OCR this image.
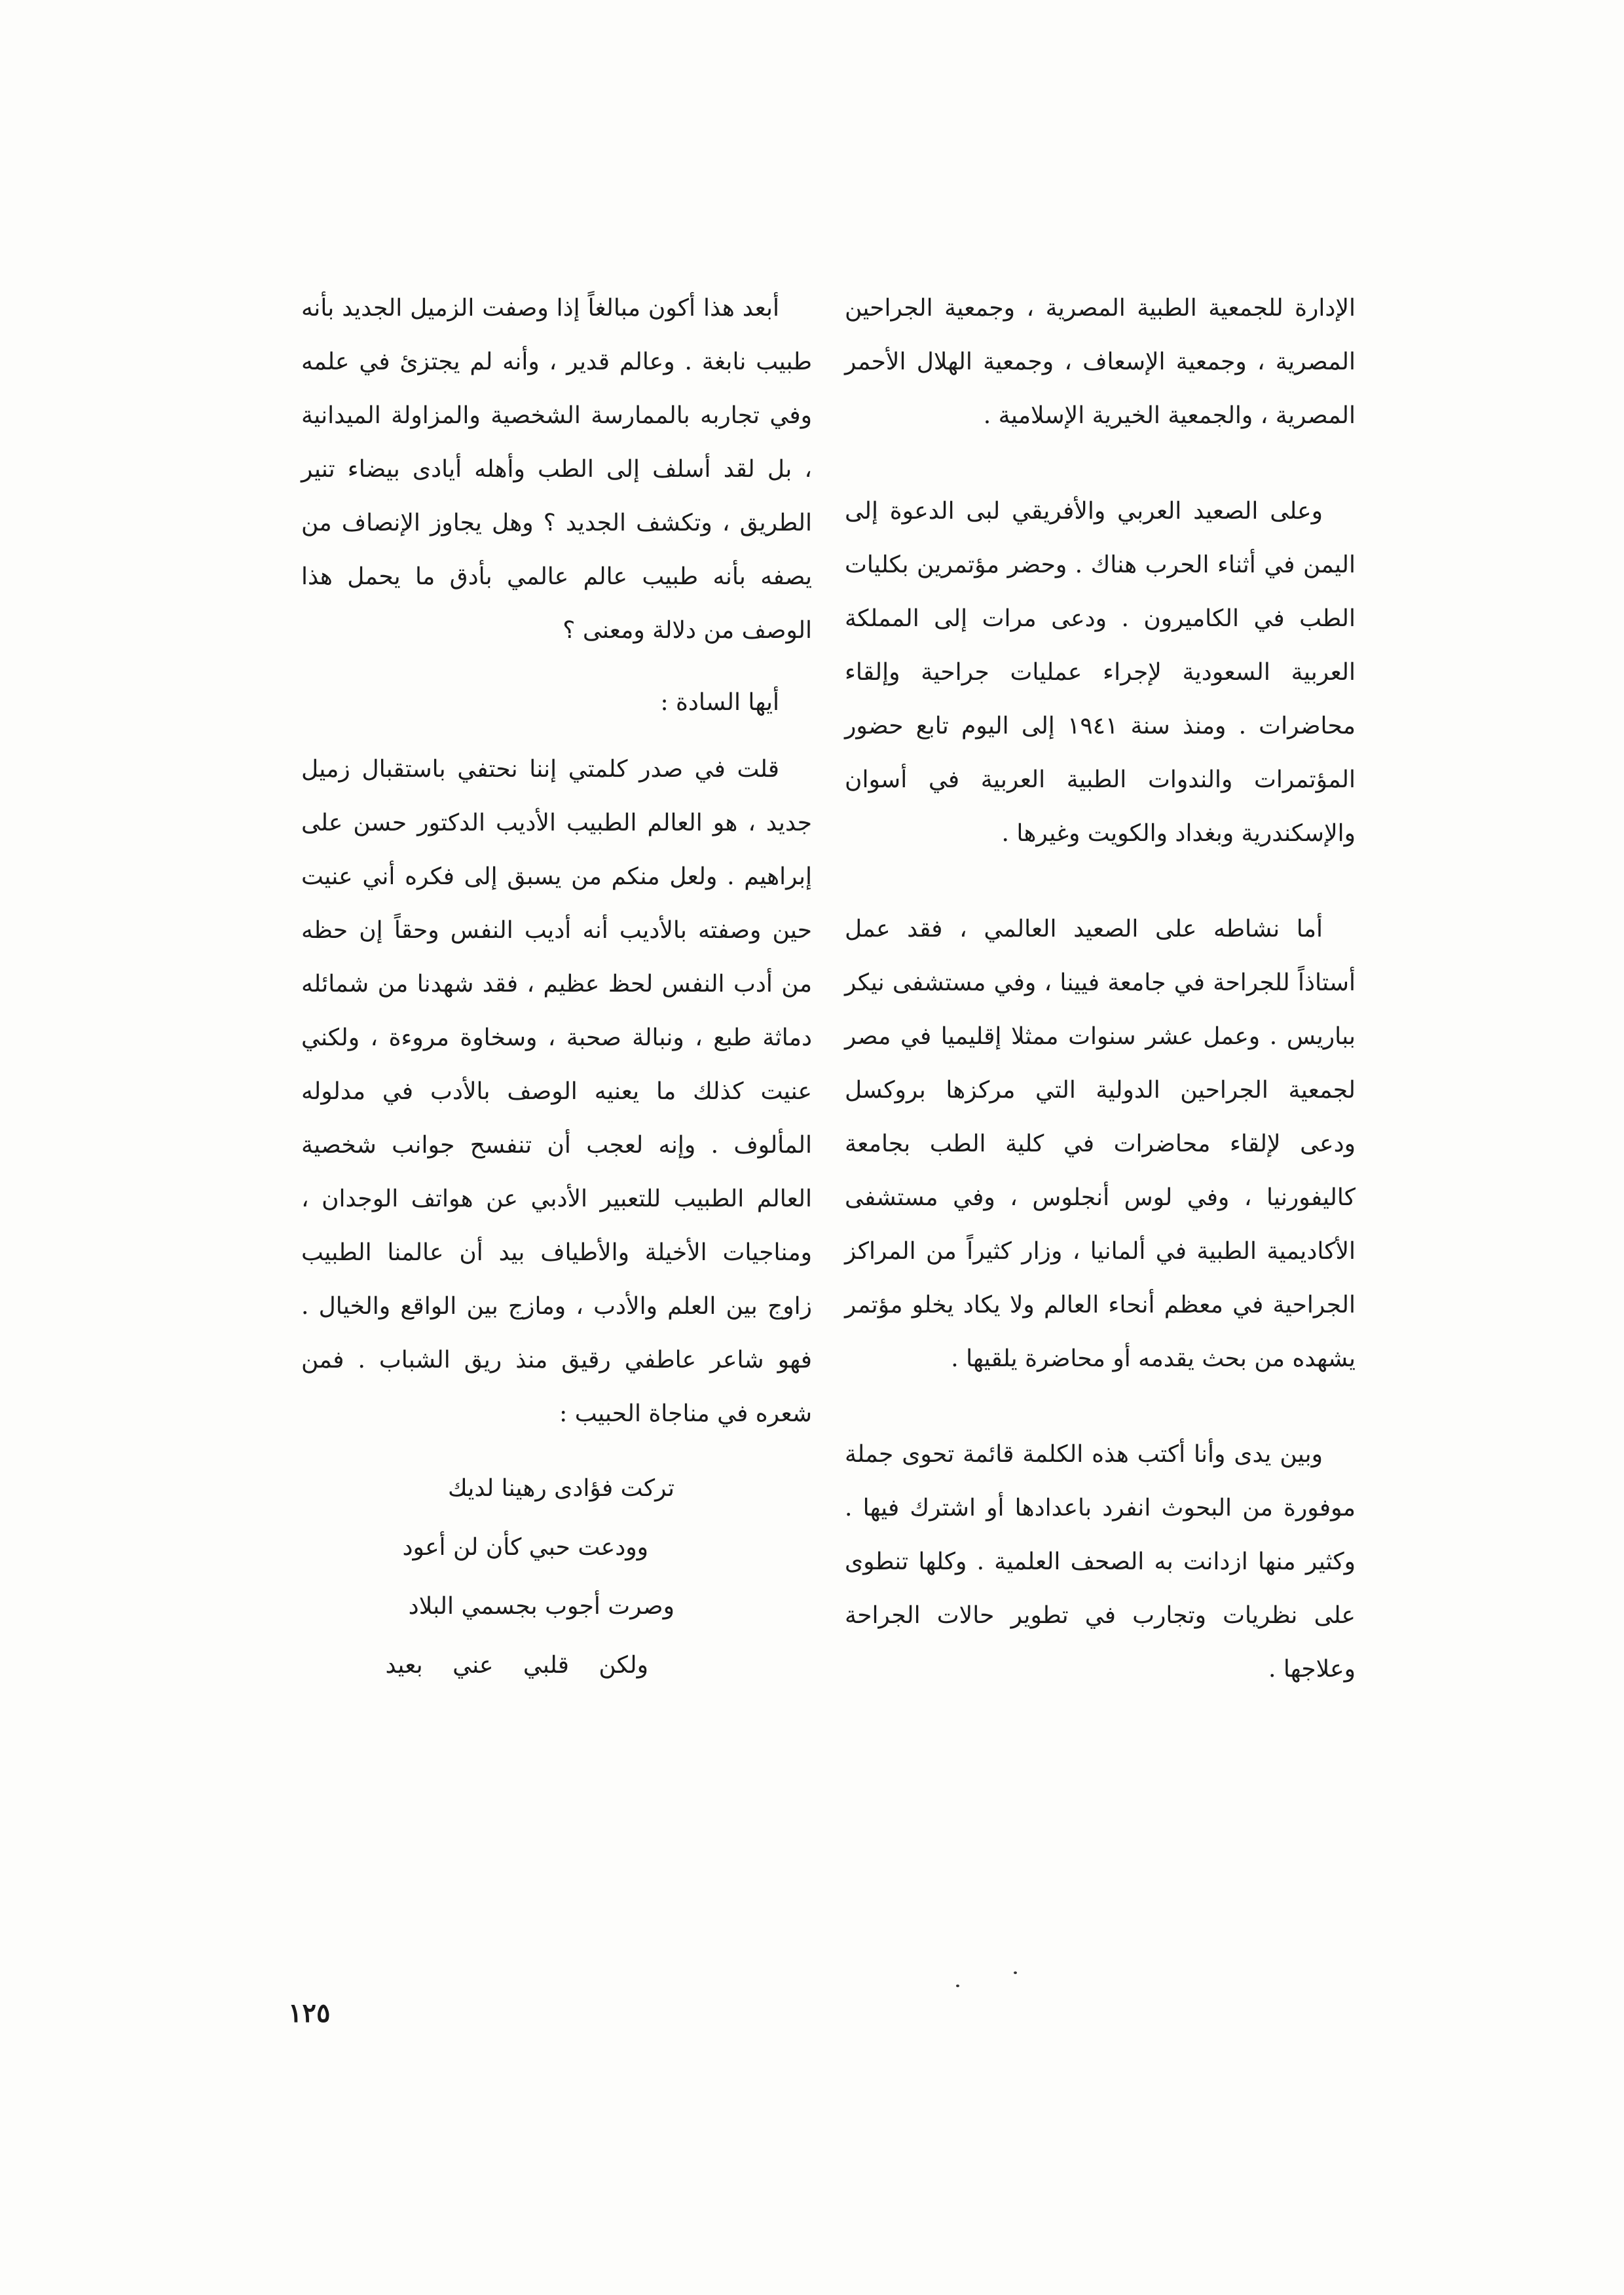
الإدارة للجمعية الطبية المصرية ، وجمعية الجراحين المصرية ، وجمعية الإسعاف ، وجمعية الهلال الأحمر المصرية ، والجمعية الخيرية الإسلامية .

وعلى الصعيد العربي والأفريقي لبى الدعوة إلى اليمن في أثناء الحرب هناك . وحضر مؤتمرين بكليات الطب في الكاميرون . ودعى مرات إلى المملكة العربية السعودية لإجراء عمليات جراحية وإلقاء محاضرات . ومنذ سنة ١٩٤١ إلى اليوم تابع حضور المؤتمرات والندوات الطبية العربية في أسوان والإسكندرية وبغداد والكويت وغيرها .

أما نشاطه على الصعيد العالمي ، فقد عمل أستاذاً للجراحة في جامعة فيينا ، وفي مستشفى نيكر بباريس . وعمل عشر سنوات ممثلا إقليميا في مصر لجمعية الجراحين الدولية التي مركزها بروكسل ودعى لإلقاء محاضرات في كلية الطب بجامعة كاليفورنيا ، وفي لوس أنجلوس ، وفي مستشفى الأكاديمية الطبية في ألمانيا ، وزار كثيراً من المراكز الجراحية في معظم أنحاء العالم ولا يكاد يخلو مؤتمر يشهده من بحث يقدمه أو محاضرة يلقيها .

وبين يدى وأنا أكتب هذه الكلمة قائمة تحوى جملة موفورة من البحوث انفرد باعدادها أو اشترك فيها . وكثير منها ازدانت به الصحف العلمية . وكلها تنطوى على نظريات وتجارب في تطوير حالات الجراحة وعلاجها .

أبعد هذا أكون مبالغاً إذا وصفت الزميل الجديد بأنه طبيب نابغة . وعالم قدير ، وأنه لم يجتزئ في علمه وفي تجاربه بالممارسة الشخصية والمزاولة الميدانية ، بل لقد أسلف إلى الطب وأهله أيادى بيضاء تنير الطريق ، وتكشف الجديد ؟ وهل يجاوز الإنصاف من يصفه بأنه طبيب عالم عالمي بأدق ما يحمل هذا الوصف من دلالة ومعنى ؟

أيها السادة :

قلت في صدر كلمتي إننا نحتفي باستقبال زميل جديد ، هو العالم الطبيب الأديب الدكتور حسن على إبراهيم . ولعل منكم من يسبق إلى فكره أني عنيت حين وصفته بالأديب أنه أديب النفس وحقاً إن حظه من أدب النفس لحظ عظيم ، فقد شهدنا من شمائله دماثة طبع ، ونبالة صحبة ، وسخاوة مروءة ، ولكني عنيت كذلك ما يعنيه الوصف بالأدب في مدلوله المألوف . وإنه لعجب أن تنفسح جوانب شخصية العالم الطبيب للتعبير الأدبي عن هواتف الوجدان ، ومناجيات الأخيلة والأطياف بيد أن عالمنا الطبيب زاوج بين العلم والأدب ، ومازج بين الواقع والخيال . فهو شاعر عاطفي رقيق منذ ريق الشباب . فمن شعره في مناجاة الحبيب :

تركت فؤادى رهينا لديك
وودعت حبي كأن لن أعود
وصرت أجوب بجسمي البلاد
ولكن قلبي عني بعيد
١٢٥
